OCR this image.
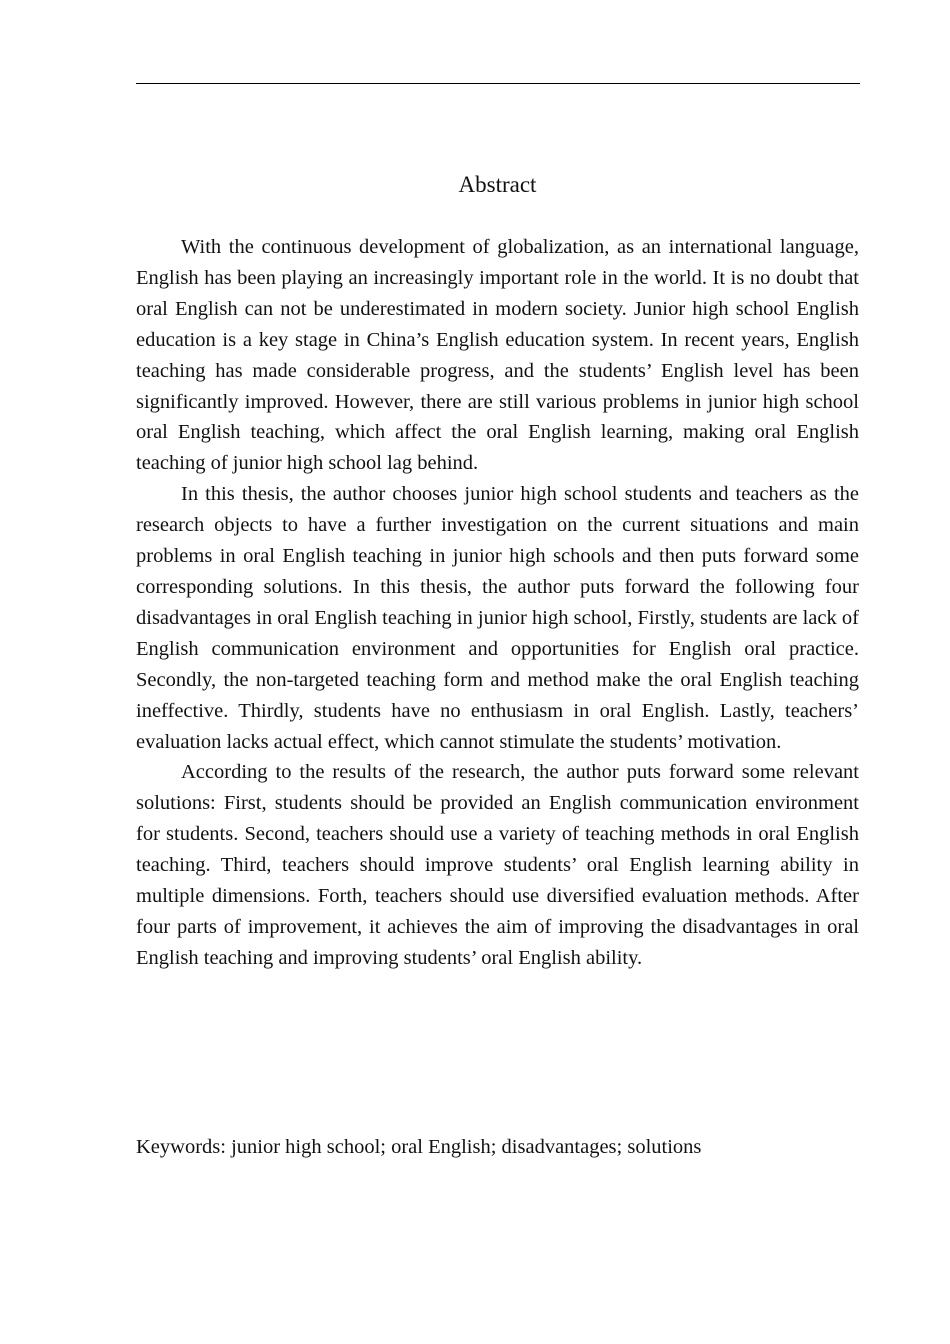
Abstract

With the continuous development of globalization, as an international language, English has been playing an increasingly important role in the world. It is no doubt that oral English can not be underestimated in modern society. Junior high school English education is a key stage in China’s English education system. In recent years, English teaching has made considerable progress, and the students’ English level has been significantly improved. However, there are still various problems in junior high school oral English teaching, which affect the oral English learning, making oral English teaching of junior high school lag behind.

In this thesis, the author chooses junior high school students and teachers as the research objects to have a further investigation on the current situations and main problems in oral English teaching in junior high schools and then puts forward some corresponding solutions. In this thesis, the author puts forward the following four disadvantages in oral English teaching in junior high school, Firstly, students are lack of English communication environment and opportunities for English oral practice. Secondly, the non-targeted teaching form and method make the oral English teaching ineffective. Thirdly, students have no enthusiasm in oral English. Lastly, teachers’ evaluation lacks actual effect, which cannot stimulate the students’ motivation.

According to the results of the research, the author puts forward some relevant solutions: First, students should be provided an English communication environment for students. Second, teachers should use a variety of teaching methods in oral English teaching. Third, teachers should improve students’ oral English learning ability in multiple dimensions. Forth, teachers should use diversified evaluation methods. After four parts of improvement, it achieves the aim of improving the disadvantages in oral English teaching and improving students’ oral English ability.

Keywords: junior high school; oral English; disadvantages; solutions
